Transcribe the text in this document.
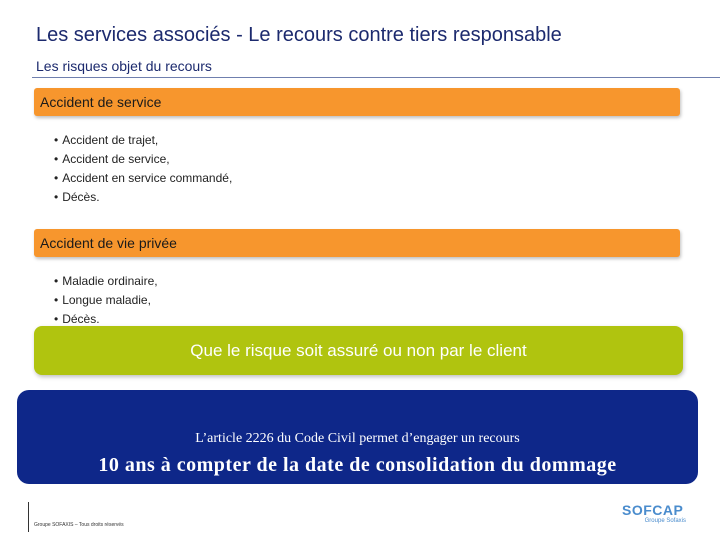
Les services associés - Le recours contre tiers responsable
Les risques objet du recours
Accident de service
• Accident de trajet,
• Accident de service,
• Accident en service commandé,
• Décès.
Accident de vie privée
• Maladie ordinaire,
• Longue maladie,
• Décès.
Que le risque soit assuré ou non par le client
L’article 2226 du Code Civil permet d’engager un recours
10 ans à compter de la date de consolidation du dommage
Groupe SOFAXIS – Tous droits réservés
SOFCAP
Groupe Sofaxis
